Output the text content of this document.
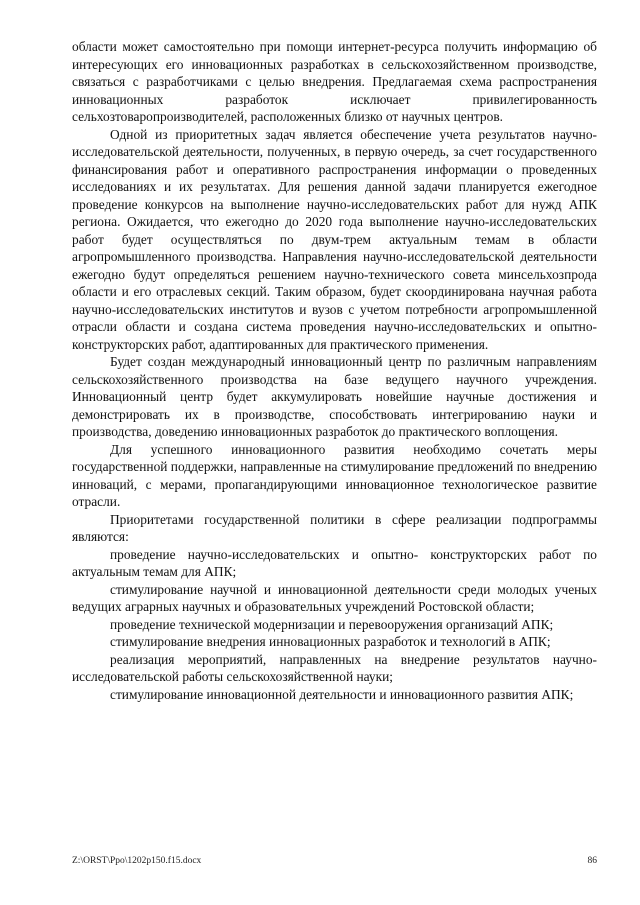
области может самостоятельно при помощи интернет-ресурса получить информацию об интересующих его инновационных разработках в сельскохозяйственном производстве, связаться с разработчиками с целью внедрения. Предлагаемая схема распространения инновационных разработок исключает привилегированность сельхозтоваропроизводителей, расположенных близко от научных центров.

Одной из приоритетных задач является обеспечение учета результатов научно-исследовательской деятельности, полученных, в первую очередь, за счет государственного финансирования работ и оперативного распространения информации о проведенных исследованиях и их результатах. Для решения данной задачи планируется ежегодное проведение конкурсов на выполнение научно-исследовательских работ для нужд АПК региона. Ожидается, что ежегодно до 2020 года выполнение научно-исследовательских работ будет осуществляться по двум-трем актуальным темам в области агропромышленного производства. Направления научно-исследовательской деятельности ежегодно будут определяться решением научно-технического совета минсельхозпрода области и его отраслевых секций. Таким образом, будет скоординирована научная работа научно-исследовательских институтов и вузов с учетом потребности агропромышленной отрасли области и создана система проведения научно-исследовательских и опытно-конструкторских работ, адаптированных для практического применения.

Будет создан международный инновационный центр по различным направлениям сельскохозяйственного производства на базе ведущего научного учреждения. Инновационный центр будет аккумулировать новейшие научные достижения и демонстрировать их в производстве, способствовать интегрированию науки и производства, доведению инновационных разработок до практического воплощения.

Для успешного инновационного развития необходимо сочетать меры государственной поддержки, направленные на стимулирование предложений по внедрению инноваций, с мерами, пропагандирующими инновационное технологическое развитие отрасли.

Приоритетами государственной политики в сфере реализации подпрограммы являются:

проведение научно-исследовательских и опытно- конструкторских работ по актуальным темам для АПК;

стимулирование научной и инновационной деятельности среди молодых ученых ведущих аграрных научных и образовательных учреждений Ростовской области;

проведение технической модернизации и перевооружения организаций АПК;

стимулирование внедрения инновационных разработок и технологий в АПК;

реализация мероприятий, направленных на внедрение результатов научно-исследовательской работы сельскохозяйственной науки;

стимулирование инновационной деятельности и инновационного развития АПК;

Z:\ORST\Ppo\1202p150.f15.docx	86
